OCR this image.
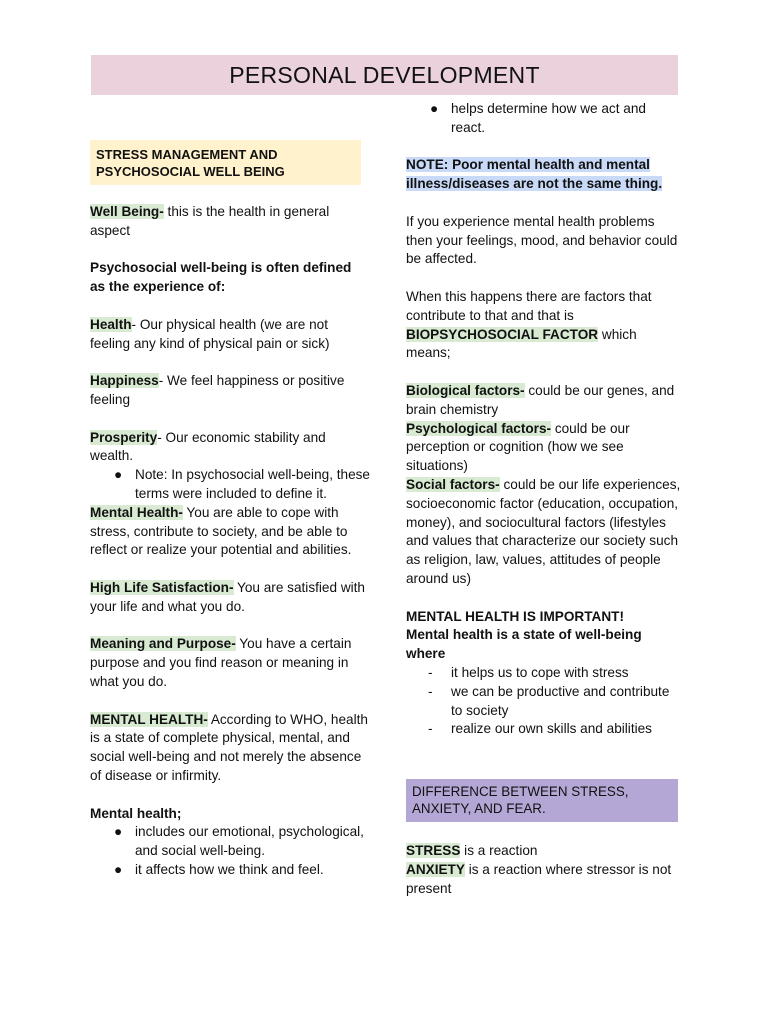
PERSONAL DEVELOPMENT
STRESS MANAGEMENT AND PSYCHOSOCIAL WELL BEING

Well Being- this is the health in general aspect

Psychosocial well-being is often defined as the experience of:

Health- Our physical health (we are not feeling any kind of physical pain or sick)

Happiness- We feel happiness or positive feeling

Prosperity- Our economic stability and wealth.

● Note: In psychosocial well-being, these terms were included to define it.

Mental Health- You are able to cope with stress, contribute to society, and be able to reflect or realize your potential and abilities.

High Life Satisfaction- You are satisfied with your life and what you do.

Meaning and Purpose- You have a certain purpose and you find reason or meaning in what you do.

MENTAL HEALTH- According to WHO, health is a state of complete physical, mental, and social well-being and not merely the absence of disease or infirmity.

Mental health;

● includes our emotional, psychological, and social well-being.
● it affects how we think and feel.
● helps determine how we act and react.

NOTE: Poor mental health and mental illness/diseases are not the same thing.

If you experience mental health problems then your feelings, mood, and behavior could be affected.

When this happens there are factors that contribute to that and that is BIOPSYCHOSOCIAL FACTOR which means;

Biological factors- could be our genes, and brain chemistry

Psychological factors- could be our perception or cognition (how we see situations)

Social factors- could be our life experiences, socioeconomic factor (education, occupation, money), and sociocultural factors (lifestyles and values that characterize our society such as religion, law, values, attitudes of people around us)

MENTAL HEALTH IS IMPORTANT!

Mental health is a state of well-being where

- it helps us to cope with stress
- we can be productive and contribute to society
- realize our own skills and abilities
DIFFERENCE BETWEEN STRESS, ANXIETY, AND FEAR.

STRESS is a reaction

ANXIETY is a reaction where stressor is not present
